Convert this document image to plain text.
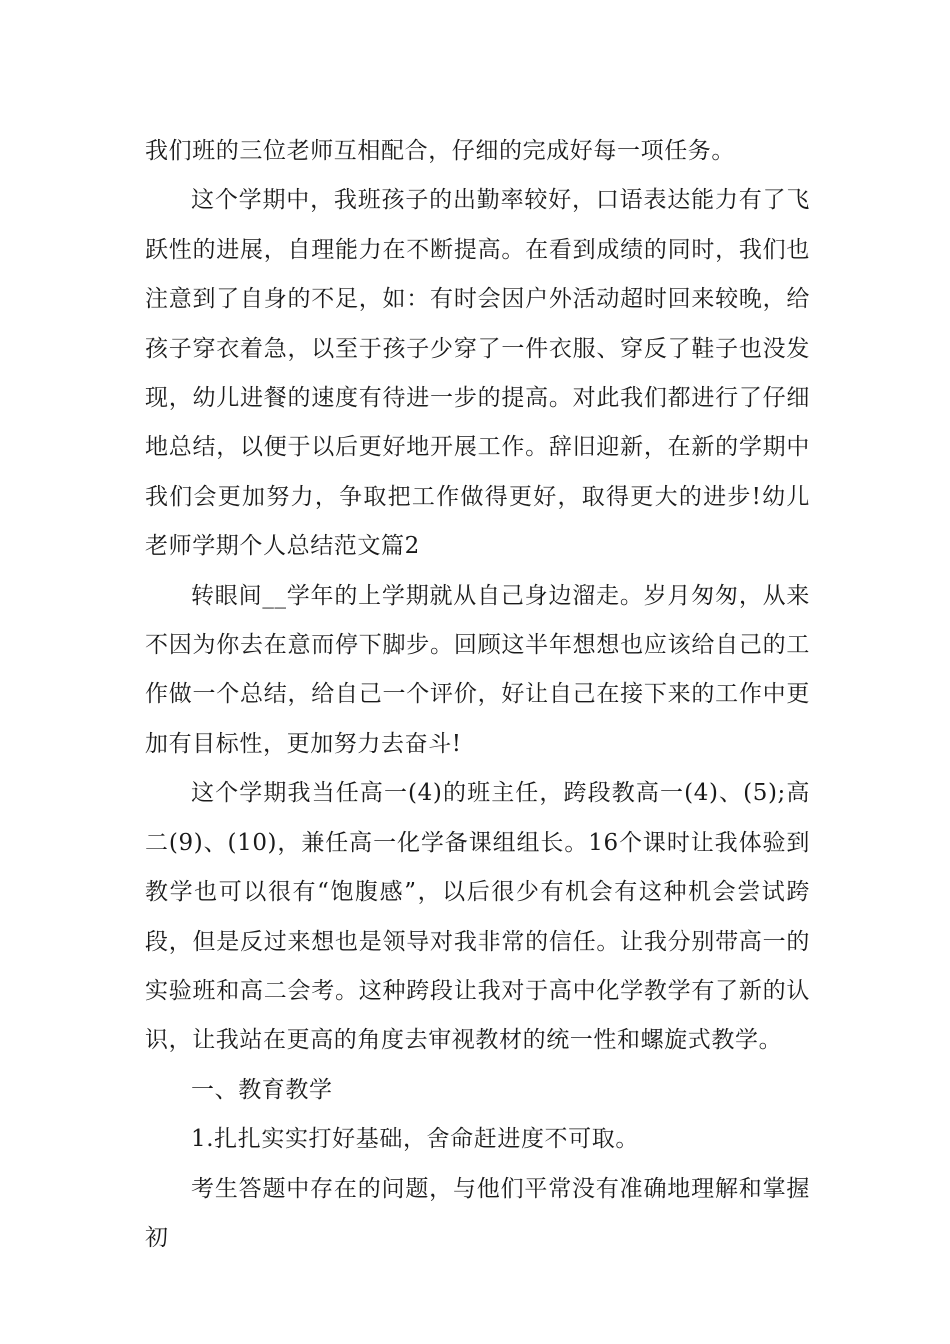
我们班的三位老师互相配合，仔细的完成好每一项任务。

这个学期中，我班孩子的出勤率较好，口语表达能力有了飞跃性的进展，自理能力在不断提高。在看到成绩的同时，我们也注意到了自身的不足，如：有时会因户外活动超时回来较晚，给孩子穿衣着急，以至于孩子少穿了一件衣服、穿反了鞋子也没发现，幼儿进餐的速度有待进一步的提高。对此我们都进行了仔细地总结，以便于以后更好地开展工作。辞旧迎新，在新的学期中我们会更加努力，争取把工作做得更好，取得更大的进步!幼儿老师学期个人总结范文篇2

转眼间__学年的上学期就从自己身边溜走。岁月匆匆，从来不因为你去在意而停下脚步。回顾这半年想想也应该给自己的工作做一个总结，给自己一个评价，好让自己在接下来的工作中更加有目标性，更加努力去奋斗!

这个学期我当任高一(4)的班主任，跨段教高一(4)、(5);高二(9)、(10)，兼任高一化学备课组组长。16个课时让我体验到教学也可以很有“饱腹感”，以后很少有机会有这种机会尝试跨段，但是反过来想也是领导对我非常的信任。让我分别带高一的实验班和高二会考。这种跨段让我对于高中化学教学有了新的认识，让我站在更高的角度去审视教材的统一性和螺旋式教学。

一、教育教学

1.扎扎实实打好基础，舍命赶进度不可取。

考生答题中存在的问题，与他们平常没有准确地理解和掌握初
